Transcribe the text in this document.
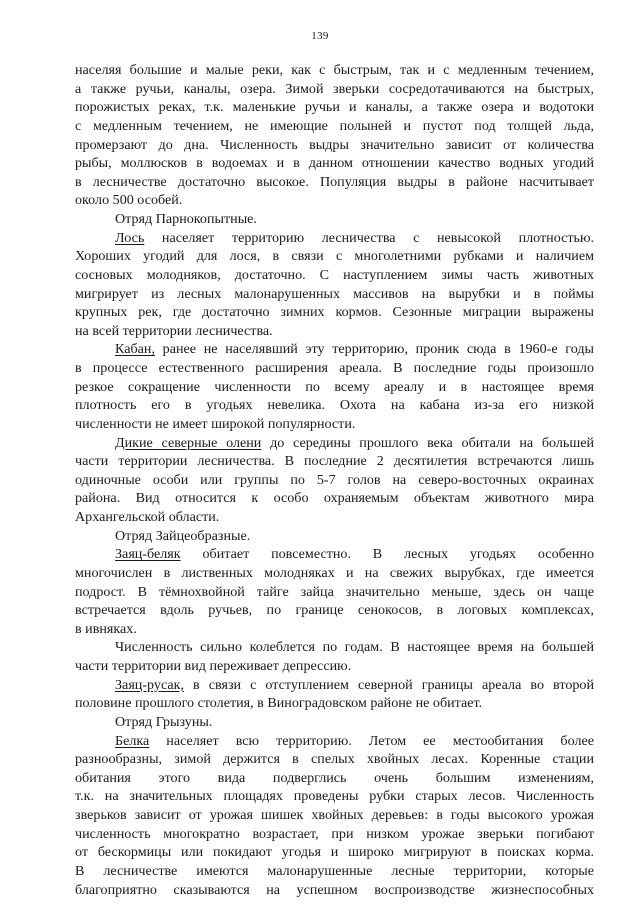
139

населяя большие и малые реки, как с быстрым, так и с медленным течением,

а также ручьи, каналы, озера. Зимой зверьки сосредотачиваются на быстрых,

порожистых реках, т.к. маленькие ручьи и каналы, а также озера и водотоки

с медленным течением, не имеющие полыней и пустот под толщей льда,

промерзают до дна. Численность выдры значительно зависит от количества

рыбы, моллюсков в водоемах и в данном отношении качество водных угодий

в лесничестве достаточно высокое. Популяция выдры в районе насчитывает

около 500 особей.

Отряд Парнокопытные.

Лось населяет территорию лесничества с невысокой плотностью.

Хороших угодий для лося, в связи с многолетними рубками и наличием

сосновых молодняков, достаточно. С наступлением зимы часть животных

мигрирует из лесных малонарушенных массивов на вырубки и в поймы

крупных рек, где достаточно зимних кормов. Сезонные миграции выражены

на всей территории лесничества.

Кабан, ранее не населявший эту территорию, проник сюда в 1960-е годы

в процессе естественного расширения ареала. В последние годы произошло

резкое сокращение численности по всему ареалу и в настоящее время

плотность его в угодьях невелика. Охота на кабана из-за его низкой

численности не имеет широкой популярности.

Дикие северные олени до середины прошлого века обитали на большей

части территории лесничества. В последние 2 десятилетия встречаются лишь

одиночные особи или группы по 5-7 голов на северо-восточных окраинах

района. Вид относится к особо охраняемым объектам животного мира

Архангельской области.

Отряд Зайцеобразные.

Заяц-беляк обитает повсеместно. В лесных угодьях особенно

многочислен в лиственных молодняках и на свежих вырубках, где имеется

подрост. В тёмнохвойной тайге зайца значительно меньше, здесь он чаще

встречается вдоль ручьев, по границе сенокосов, в логовых комплексах,

в ивняках.

Численность сильно колеблется по годам. В настоящее время на большей

части территории вид переживает депрессию.

Заяц-русак, в связи с отступлением северной границы ареала во второй

половине прошлого столетия, в Виноградовском районе не обитает.

Отряд Грызуны.

Белка населяет всю территорию. Летом ее местообитания более

разнообразны, зимой держится в спелых хвойных лесах. Коренные стации

обитания этого вида подверглись очень большим изменениям,

т.к. на значительных площадях проведены рубки старых лесов. Численность

зверьков зависит от урожая шишек хвойных деревьев: в годы высокого урожая

численность многократно возрастает, при низком урожае зверьки погибают

от бескормицы или покидают угодья и широко мигрируют в поисках корма.

В лесничестве имеются малонарушенные лесные территории, которые

благоприятно сказываются на успешном воспроизводстве жизнеспособных
